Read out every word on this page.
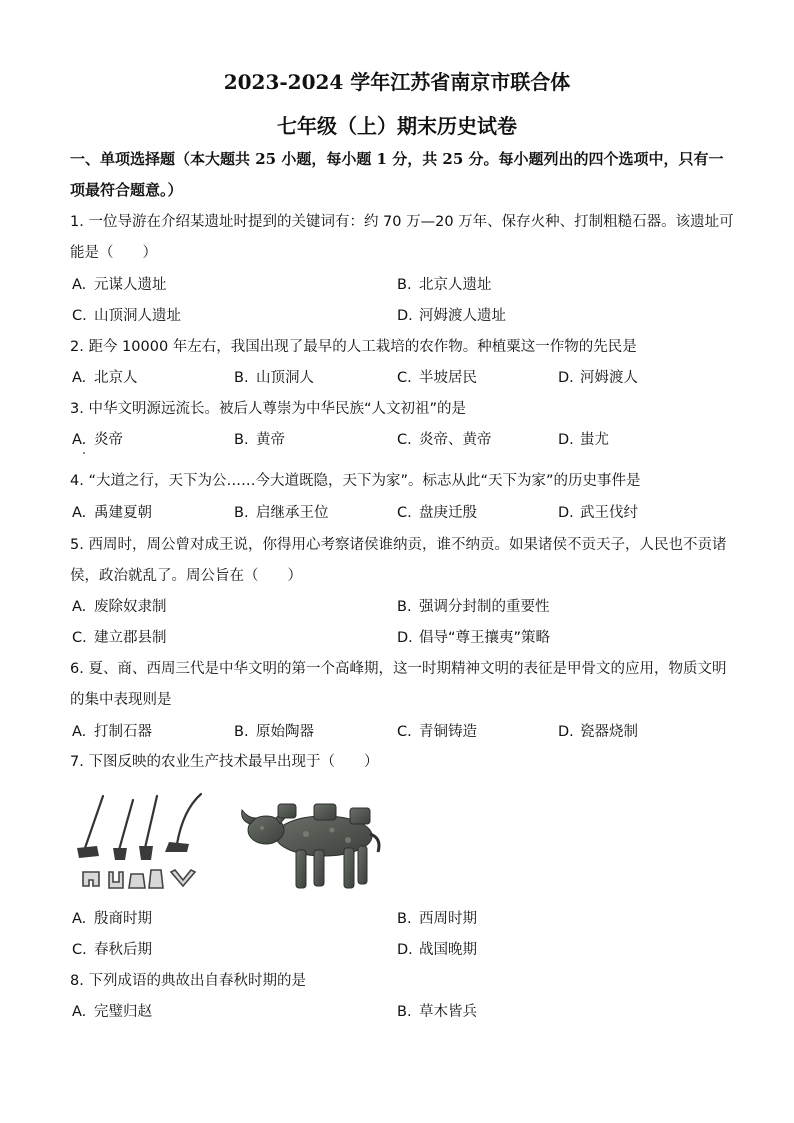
2023-2024 学年江苏省南京市联合体
七年级（上）期末历史试卷
一、单项选择题（本大题共 25 小题，每小题 1 分，共 25 分。每小题列出的四个选项中，只有一项最符合题意。）
1. 一位导游在介绍某遗址时提到的关键词有：约 70 万—20 万年、保存火种、打制粗糙石器。该遗址可能是（　　）
A. 元谋人遗址	B. 北京人遗址
C. 山顶洞人遗址	D. 河姆渡人遗址
2. 距今 10000 年左右，我国出现了最早的人工栽培的农作物。种植粟这一作物的先民是
A. 北京人	B. 山顶洞人	C. 半坡居民	D. 河姆渡人
3. 中华文明源远流长。被后人尊崇为中华民族“人文初祖”的是
A. 炎帝	B. 黄帝	C. 炎帝、黄帝	D. 蚩尤
4. “大道之行，天下为公……今大道既隐，天下为家”。标志从此“天下为家”的历史事件是
A. 禹建夏朝	B. 启继承王位	C. 盘庚迁殷	D. 武王伐纣
5. 西周时，周公曾对成王说，你得用心考察诸侯谁纳贡，谁不纳贡。如果诸侯不贡天子，人民也不贡诸侯，政治就乱了。周公旨在（　　）
A. 废除奴隶制	B. 强调分封制的重要性
C. 建立郡县制	D. 倡导“尊王攘夷”策略
6. 夏、商、西周三代是中华文明的第一个高峰期，这一时期精神文明的表征是甲骨文的应用，物质文明的集中表现则是
A. 打制石器	B. 原始陶器	C. 青铜铸造	D. 瓷器烧制
7. 下图反映的农业生产技术最早出现于（　　）
A. 殷商时期	B. 西周时期
C. 春秋后期	D. 战国晚期
8. 下列成语的典故出自春秋时期的是
A. 完璧归赵	B. 草木皆兵
